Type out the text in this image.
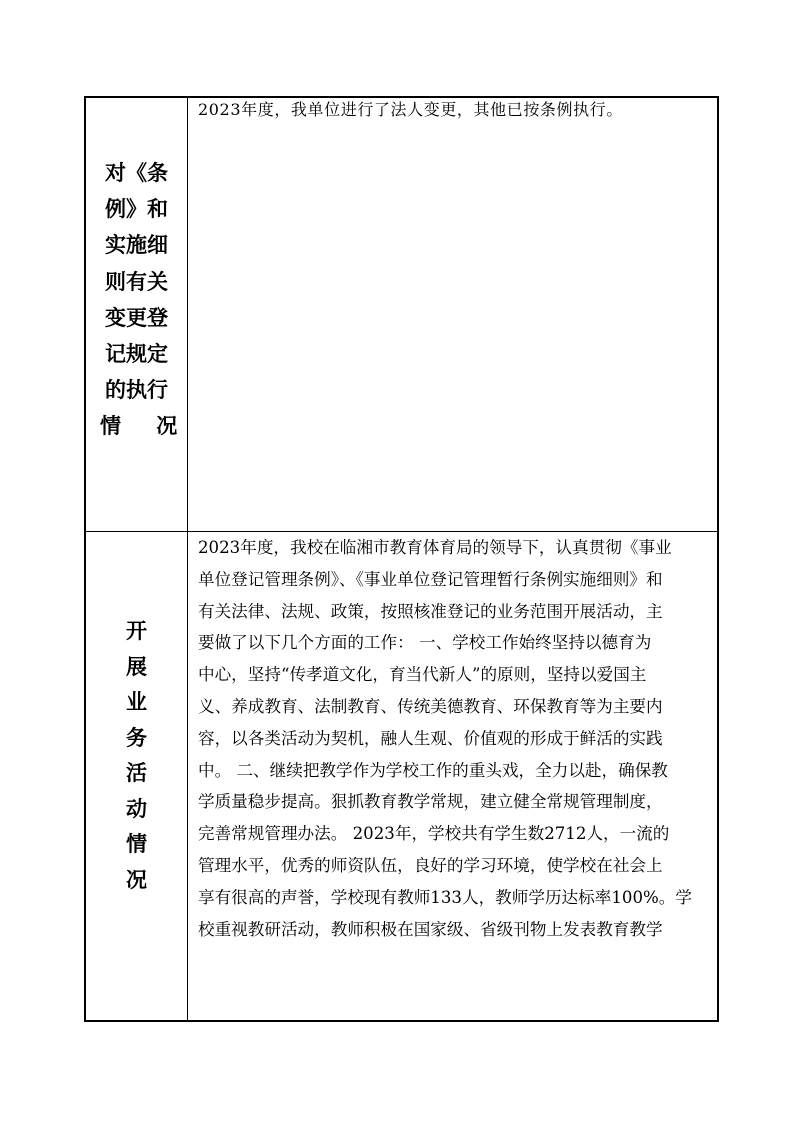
对《条
例》和
实施细
则有关
变更登
记规定
的执行
情 况
2023年度，我单位进行了法人变更，其他已按条例执行。
开
展
业
务
活
动
情
况
2023年度，我校在临湘市教育体育局的领导下，认真贯彻《事业
单位登记管理条例》、《事业单位登记管理暂行条例实施细则》和
有关法律、法规、政策，按照核准登记的业务范围开展活动，主
要做了以下几个方面的工作： 一、学校工作始终坚持以德育为
中心，坚持“传孝道文化，育当代新人”的原则，坚持以爱国主
义、养成教育、法制教育、传统美德教育、环保教育等为主要内
容，以各类活动为契机，融人生观、价值观的形成于鲜活的实践
中。 二、继续把教学作为学校工作的重头戏，全力以赴，确保教
学质量稳步提高。狠抓教育教学常规，建立健全常规管理制度，
完善常规管理办法。 2023年，学校共有学生数2712人，一流的
管理水平，优秀的师资队伍，良好的学习环境，使学校在社会上
享有很高的声誉，学校现有教师133人，教师学历达标率100%。学
校重视教研活动，教师积极在国家级、省级刊物上发表教育教学
